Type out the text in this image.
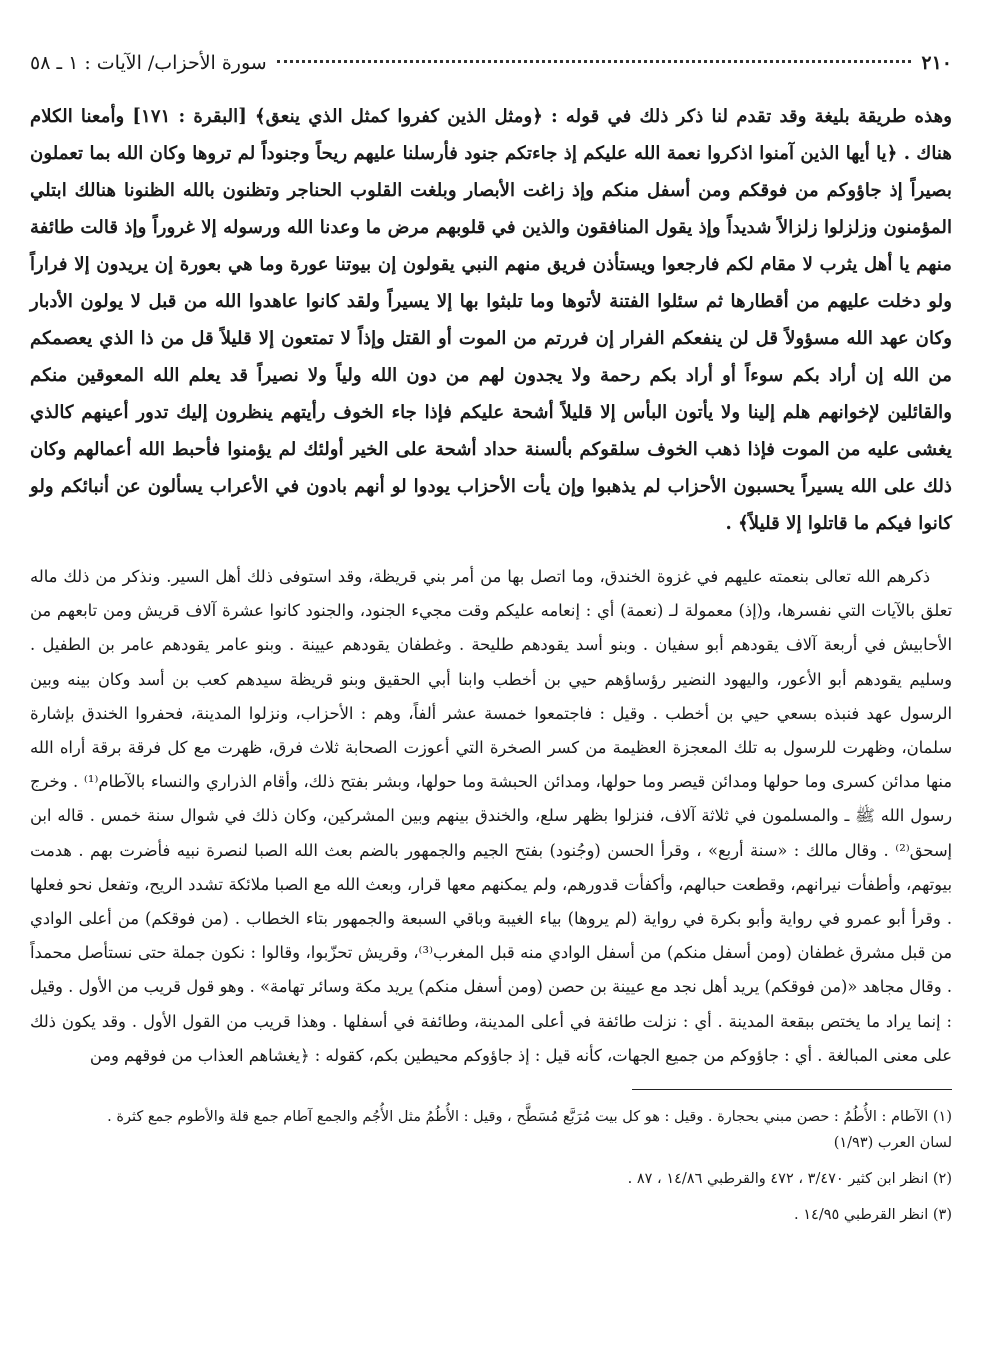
٢١٠
سورة الأحزاب/ الآيات : ١ ـ ٥٨

وهذه طريقة بليغة وقد تقدم لنا ذكر ذلك في قوله : ﴿ومثل الذين كفروا كمثل الذي ينعق﴾ [البقرة : ١٧١] وأمعنا الكلام هناك . ﴿يا أيها الذين آمنوا اذكروا نعمة الله عليكم إذ جاءتكم جنود فأرسلنا عليهم ريحاً وجنوداً لم تروها وكان الله بما تعملون بصيراً إذ جاؤوكم من فوقكم ومن أسفل منكم وإذ زاغت الأبصار وبلغت القلوب الحناجر وتظنون بالله الظنونا هنالك ابتلي المؤمنون وزلزلوا زلزالاً شديداً وإذ يقول المنافقون والذين في قلوبهم مرض ما وعدنا الله ورسوله إلا غروراً وإذ قالت طائفة منهم يا أهل يثرب لا مقام لكم فارجعوا ويستأذن فريق منهم النبي يقولون إن بيوتنا عورة وما هي بعورة إن يريدون إلا فراراً ولو دخلت عليهم من أقطارها ثم سئلوا الفتنة لأتوها وما تلبثوا بها إلا يسيراً ولقد كانوا عاهدوا الله من قبل لا يولون الأدبار وكان عهد الله مسؤولاً قل لن ينفعكم الفرار إن فررتم من الموت أو القتل وإذاً لا تمتعون إلا قليلاً قل من ذا الذي يعصمكم من الله إن أراد بكم سوءاً أو أراد بكم رحمة ولا يجدون لهم من دون الله ولياً ولا نصيراً قد يعلم الله المعوقين منكم والقائلين لإخوانهم هلم إلينا ولا يأتون البأس إلا قليلاً أشحة عليكم فإذا جاء الخوف رأيتهم ينظرون إليك تدور أعينهم كالذي يغشى عليه من الموت فإذا ذهب الخوف سلقوكم بألسنة حداد أشحة على الخير أولئك لم يؤمنوا فأحبط الله أعمالهم وكان ذلك على الله يسيراً يحسبون الأحزاب لم يذهبوا وإن يأت الأحزاب يودوا لو أنهم بادون في الأعراب يسألون عن أنبائكم ولو كانوا فيكم ما قاتلوا إلا قليلاً﴾ .

ذكرهم الله تعالى بنعمته عليهم في غزوة الخندق، وما اتصل بها من أمر بني قريظة، وقد استوفى ذلك أهل السير. ونذكر من ذلك ماله تعلق بالآيات التي نفسرها، و(إذ) معمولة لـ (نعمة) أي : إنعامه عليكم وقت مجيء الجنود، والجنود كانوا عشرة آلاف قريش ومن تابعهم من الأحابيش في أربعة آلاف يقودهم أبو سفيان . وبنو أسد يقودهم طليحة . وغطفان يقودهم عيينة . وبنو عامر يقودهم عامر بن الطفيل . وسليم يقودهم أبو الأعور، واليهود النضير رؤساؤهم حيي بن أخطب وابنا أبي الحقيق وبنو قريظة سيدهم كعب بن أسد وكان بينه وبين الرسول عهد فنبذه بسعي حيي بن أخطب . وقيل : فاجتمعوا خمسة عشر ألفاً، وهم : الأحزاب، ونزلوا المدينة، فحفروا الخندق بإشارة سلمان، وظهرت للرسول به تلك المعجزة العظيمة من كسر الصخرة التي أعوزت الصحابة ثلاث فرق، ظهرت مع كل فرقة برقة أراه الله منها مدائن كسرى وما حولها ومدائن قيصر وما حولها، ومدائن الحبشة وما حولها، وبشر بفتح ذلك، وأقام الذراري والنساء بالآطام⁽¹⁾ . وخرج رسول الله ﷺ ـ والمسلمون في ثلاثة آلاف، فنزلوا بظهر سلع، والخندق بينهم وبين المشركين، وكان ذلك في شوال سنة خمس . قاله ابن إسحق⁽²⁾ . وقال مالك : «سنة أربع» ، وقرأ الحسن (وجُنود) بفتح الجيم والجمهور بالضم بعث الله الصبا لنصرة نبيه فأضرت بهم . هدمت بيوتهم، وأطفأت نيرانهم، وقطعت حبالهم، وأكفأت قدورهم، ولم يمكنهم معها قرار، وبعث الله مع الصبا ملائكة تشدد الريح، وتفعل نحو فعلها . وقرأ أبو عمرو في رواية وأبو بكرة في رواية (لم يروها) بياء الغيبة وباقي السبعة والجمهور بتاء الخطاب . (من فوقكم) من أعلى الوادي من قبل مشرق غطفان (ومن أسفل منكم) من أسفل الوادي منه قبل المغرب⁽³⁾، وقريش تحزّبوا، وقالوا : نكون جملة حتى نستأصل محمداً . وقال مجاهد «(من فوقكم) يريد أهل نجد مع عيينة بن حصن (ومن أسفل منكم) يريد مكة وسائر تهامة» . وهو قول قريب من الأول . وقيل : إنما يراد ما يختص ببقعة المدينة . أي : نزلت طائفة في أعلى المدينة، وطائفة في أسفلها . وهذا قريب من القول الأول . وقد يكون ذلك على معنى المبالغة . أي : جاؤوكم من جميع الجهات، كأنه قيل : إذ جاؤوكم محيطين بكم، كقوله : ﴿يغشاهم العذاب من فوقهم ومن

(١) الآطام : الأُطُمُ : حصن مبني بحجارة . وقيل : هو كل بيت مُرَبَّع مُسَطَّح ، وقيل : الأُطُمُ مثل الأُجُم والجمع آطام جمع قلة والأطوم جمع كثرة .
لسان العرب (١/٩٣)

(٢) انظر ابن كثير ٣/٤٧٠ ، ٤٧٢ والقرطبي ١٤/٨٦ ، ٨٧ .

(٣) انظر القرطبي ١٤/٩٥ .
